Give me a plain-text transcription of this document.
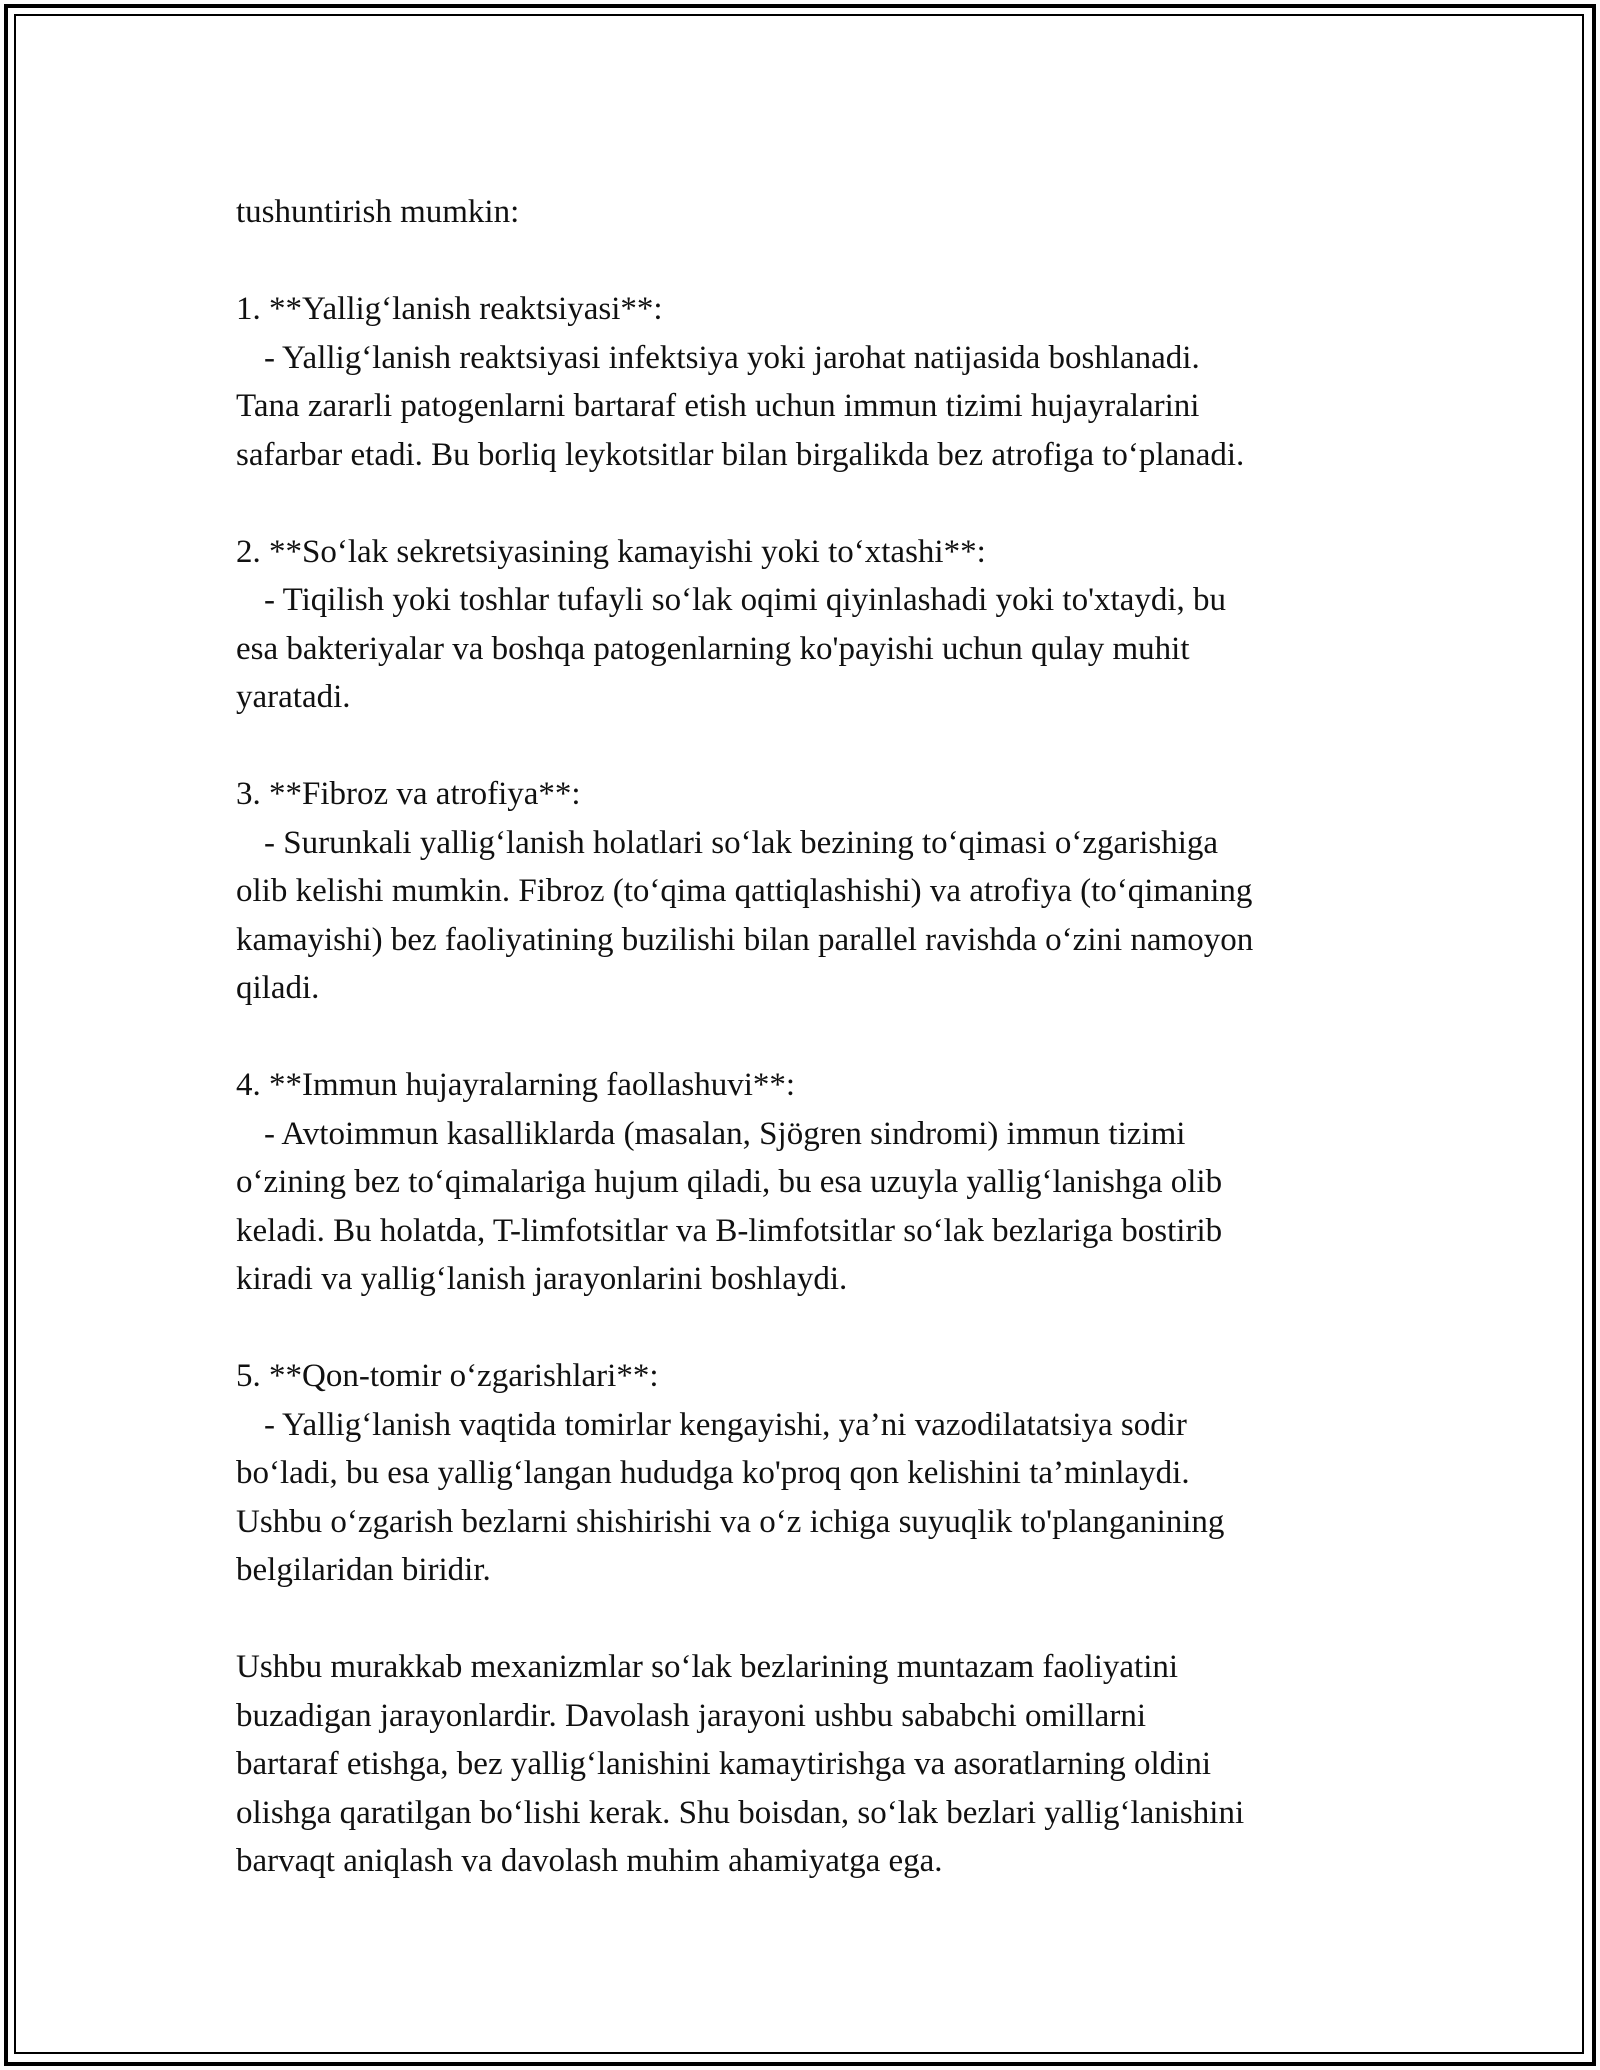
tushuntirish mumkin:
1. **Yallig‘lanish reaktsiyasi**:
- Yallig‘lanish reaktsiyasi infektsiya yoki jarohat natijasida boshlanadi.
Tana zararli patogenlarni bartaraf etish uchun immun tizimi hujayralarini
safarbar etadi. Bu borliq leykotsitlar bilan birgalikda bez atrofiga to‘planadi.
2. **So‘lak sekretsiyasining kamayishi yoki to‘xtashi**:
- Tiqilish yoki toshlar tufayli so‘lak oqimi qiyinlashadi yoki to'xtaydi, bu
esa bakteriyalar va boshqa patogenlarning ko'payishi uchun qulay muhit
yaratadi.
3. **Fibroz va atrofiya**:
- Surunkali yallig‘lanish holatlari so‘lak bezining to‘qimasi o‘zgarishiga
olib kelishi mumkin. Fibroz (to‘qima qattiqlashishi) va atrofiya (to‘qimaning
kamayishi) bez faoliyatining buzilishi bilan parallel ravishda o‘zini namoyon
qiladi.
4. **Immun hujayralarning faollashuvi**:
- Avtoimmun kasalliklarda (masalan, Sjögren sindromi) immun tizimi
o‘zining bez to‘qimalariga hujum qiladi, bu esa uzuyla yallig‘lanishga olib
keladi. Bu holatda, T-limfotsitlar va B-limfotsitlar so‘lak bezlariga bostirib
kiradi va yallig‘lanish jarayonlarini boshlaydi.
5. **Qon-tomir o‘zgarishlari**:
- Yallig‘lanish vaqtida tomirlar kengayishi, ya’ni vazodilatatsiya sodir
bo‘ladi, bu esa yallig‘langan hududga ko'proq qon kelishini ta’minlaydi.
Ushbu o‘zgarish bezlarni shishirishi va o‘z ichiga suyuqlik to'planganining
belgilaridan biridir.
Ushbu murakkab mexanizmlar so‘lak bezlarining muntazam faoliyatini
buzadigan jarayonlardir. Davolash jarayoni ushbu sababchi omillarni
bartaraf etishga, bez yallig‘lanishini kamaytirishga va asoratlarning oldini
olishga qaratilgan bo‘lishi kerak. Shu boisdan, so‘lak bezlari yallig‘lanishini
barvaqt aniqlash va davolash muhim ahamiyatga ega.
